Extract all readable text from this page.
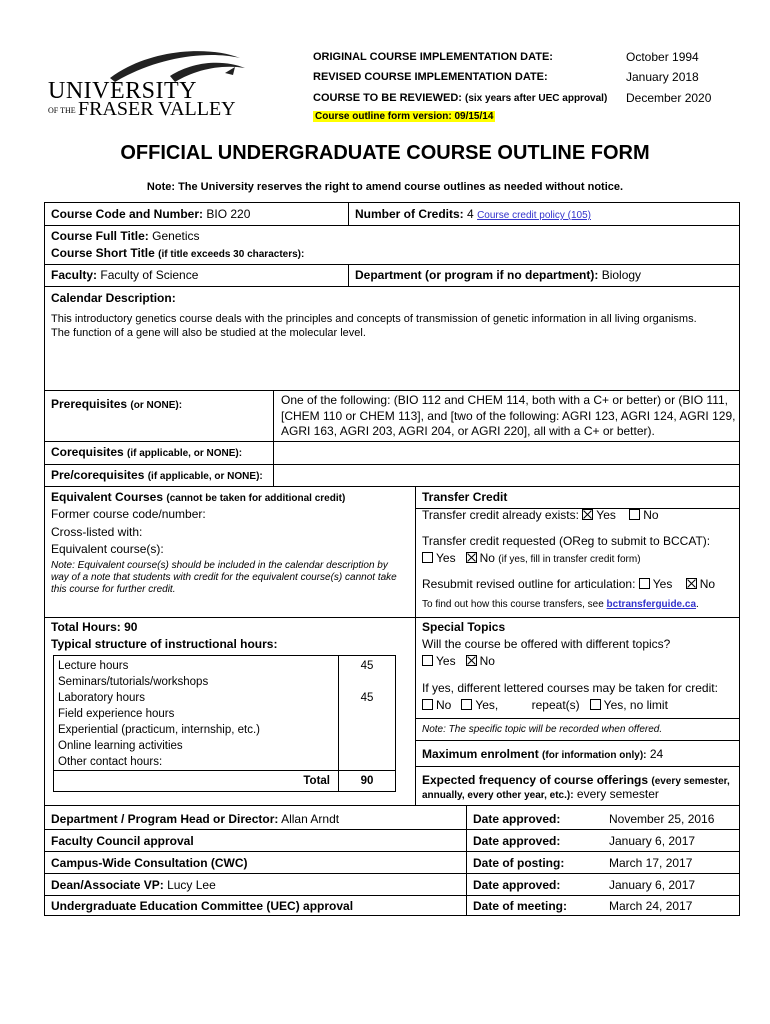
UNIVERSITY
OF THE FRASER VALLEY
ORIGINAL COURSE IMPLEMENTATION DATE:	October 1994
REVISED COURSE IMPLEMENTATION DATE:	January 2018
COURSE TO BE REVIEWED: (six years after UEC approval) December 2020
Course outline form version: 09/15/14
OFFICIAL UNDERGRADUATE COURSE OUTLINE FORM
Note: The University reserves the right to amend course outlines as needed without notice.
Course Code and Number: BIO 220	Number of Credits: 4 Course credit policy (105)
Course Full Title: Genetics
Course Short Title (if title exceeds 30 characters):
Faculty: Faculty of Science	Department (or program if no department): Biology
Calendar Description:
This introductory genetics course deals with the principles and concepts of transmission of genetic information in all living organisms.
The function of a gene will also be studied at the molecular level.
Prerequisites (or NONE):	One of the following: (BIO 112 and CHEM 114, both with a C+ or better) or (BIO 111,
[CHEM 110 or CHEM 113], and [two of the following: AGRI 123, AGRI 124, AGRI 129,
AGRI 163, AGRI 203, AGRI 204, or AGRI 220], all with a C+ or better).
Corequisites (if applicable, or NONE):
Pre/corequisites (if applicable, or NONE):
Equivalent Courses (cannot be taken for additional credit)
Former course code/number:
Cross-listed with:
Equivalent course(s):
Note: Equivalent course(s) should be included in the calendar description by
way of a note that students with credit for the equivalent course(s) cannot take
this course for further credit.
Transfer Credit
Transfer credit already exists: Yes No
Transfer credit requested (OReg to submit to BCCAT):
Yes No (if yes, fill in transfer credit form)
Resubmit revised outline for articulation: Yes No
To find out how this course transfers, see bctransferguide.ca.
Total Hours: 90
Typical structure of instructional hours:
Lecture hours	45
Seminars/tutorials/workshops	
Laboratory hours	45
Field experience hours	
Experiential (practicum, internship, etc.)	
Online learning activities	
Other contact hours:	
Total	90
Special Topics
Will the course be offered with different topics?
Yes No
If yes, different lettered courses may be taken for credit:
No Yes,	repeat(s) Yes, no limit
Note: The specific topic will be recorded when offered.
Maximum enrolment (for information only): 24
Expected frequency of course offerings (every semester,
annually, every other year, etc.): every semester
Department / Program Head or Director: Allan Arndt	Date approved:	November 25, 2016
Faculty Council approval	Date approved:	January 6, 2017
Campus-Wide Consultation (CWC)	Date of posting:	March 17, 2017
Dean/Associate VP: Lucy Lee	Date approved:	January 6, 2017
Undergraduate Education Committee (UEC) approval	Date of meeting:	March 24, 2017
